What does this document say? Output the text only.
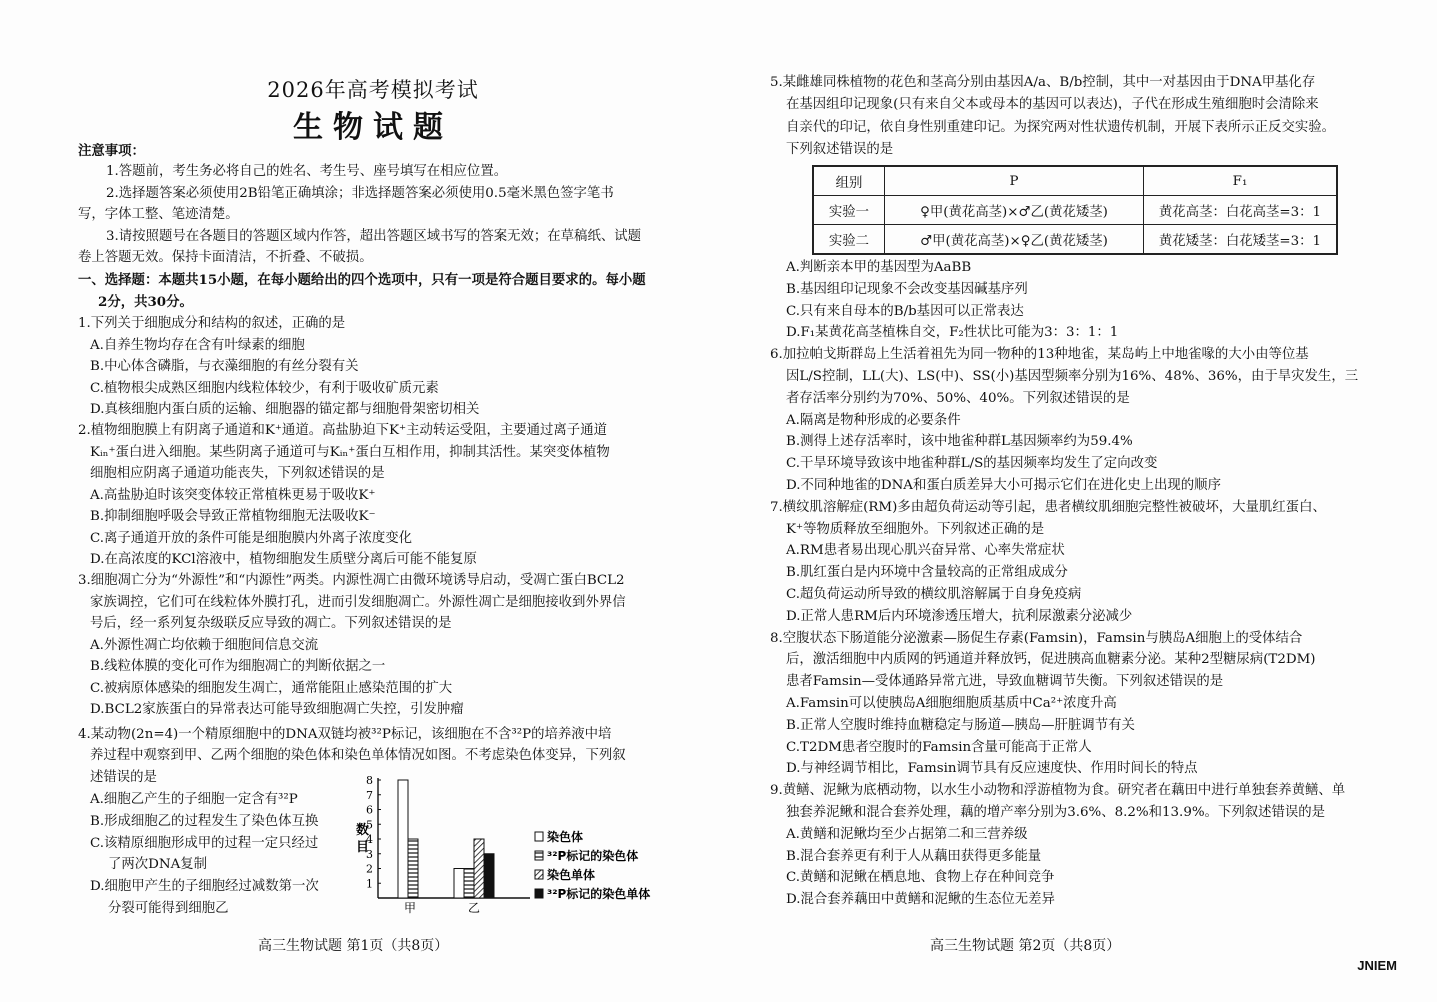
2026年高考模拟考试
生物试题
注意事项：
1.答题前，考生务必将自己的姓名、考生号、座号填写在相应位置。
2.选择题答案必须使用2B铅笔正确填涂；非选择题答案必须使用0.5毫米黑色签字笔书
写，字体工整、笔迹清楚。
3.请按照题号在各题目的答题区域内作答，超出答题区域书写的答案无效；在草稿纸、试题
卷上答题无效。保持卡面清洁，不折叠、不破损。
一、选择题：本题共15小题，在每小题给出的四个选项中，只有一项是符合题目要求的。每小题
2分，共30分。
1.下列关于细胞成分和结构的叙述，正确的是
A.自养生物均存在含有叶绿素的细胞
B.中心体含磷脂，与衣藻细胞的有丝分裂有关
C.植物根尖成熟区细胞内线粒体较少，有利于吸收矿质元素
D.真核细胞内蛋白质的运输、细胞器的锚定都与细胞骨架密切相关
2.植物细胞膜上有阴离子通道和K⁺通道。高盐胁迫下K⁺主动转运受阻，主要通过离子通道
Kᵢₙ⁺蛋白进入细胞。某些阴离子通道可与Kᵢₙ⁺蛋白互相作用，抑制其活性。某突变体植物
细胞相应阴离子通道功能丧失，下列叙述错误的是
A.高盐胁迫时该突变体较正常植株更易于吸收K⁺
B.抑制细胞呼吸会导致正常植物细胞无法吸收K⁻
C.离子通道开放的条件可能是细胞膜内外离子浓度变化
D.在高浓度的KCl溶液中，植物细胞发生质壁分离后可能不能复原
3.细胞凋亡分为“外源性”和“内源性”两类。内源性凋亡由微环境诱导启动，受凋亡蛋白BCL2
家族调控，它们可在线粒体外膜打孔，进而引发细胞凋亡。外源性凋亡是细胞接收到外界信
号后，经一系列复杂级联反应导致的凋亡。下列叙述错误的是
A.外源性凋亡均依赖于细胞间信息交流
B.线粒体膜的变化可作为细胞凋亡的判断依据之一
C.被病原体感染的细胞发生凋亡，通常能阻止感染范围的扩大
D.BCL2家族蛋白的异常表达可能导致细胞凋亡失控，引发肿瘤
4.某动物(2n=4)一个精原细胞中的DNA双链均被³²P标记，该细胞在不含³²P的培养液中培
养过程中观察到甲、乙两个细胞的染色体和染色单体情况如图。不考虑染色体变异，下列叙
述错误的是
A.细胞乙产生的子细胞一定含有³²P
B.形成细胞乙的过程发生了染色体互换
C.该精原细胞形成甲的过程一定只经过
了两次DNA复制
D.细胞甲产生的子细胞经过减数第一次
分裂可能得到细胞乙
5.某雌雄同株植物的花色和茎高分别由基因A/a、B/b控制，其中一对基因由于DNA甲基化存
在基因组印记现象(只有来自父本或母本的基因可以表达)，子代在形成生殖细胞时会清除来
自亲代的印记，依自身性别重建印记。为探究两对性状遗传机制，开展下表所示正反交实验。
下列叙述错误的是
组别	P	F₁
实验一	♀甲(黄花高茎)×♂乙(黄花矮茎)	黄花高茎：白花高茎=3：1
实验二	♂甲(黄花高茎)×♀乙(黄花矮茎)	黄花矮茎：白花矮茎=3：1
A.判断亲本甲的基因型为AaBB
B.基因组印记现象不会改变基因碱基序列
C.只有来自母本的B/b基因可以正常表达
D.F₁某黄花高茎植株自交，F₂性状比可能为3：3：1：1
6.加拉帕戈斯群岛上生活着祖先为同一物种的13种地雀，某岛屿上中地雀喙的大小由等位基
因L/S控制，LL(大)、LS(中)、SS(小)基因型频率分别为16%、48%、36%，由于旱灾发生，三
者存活率分别约为70%、50%、40%。下列叙述错误的是
A.隔离是物种形成的必要条件
B.测得上述存活率时，该中地雀种群L基因频率约为59.4%
C.干旱环境导致该中地雀种群L/S的基因频率均发生了定向改变
D.不同种地雀的DNA和蛋白质差异大小可揭示它们在进化史上出现的顺序
7.横纹肌溶解症(RM)多由超负荷运动等引起，患者横纹肌细胞完整性被破坏，大量肌红蛋白、
K⁺等物质释放至细胞外。下列叙述正确的是
A.RM患者易出现心肌兴奋异常、心率失常症状
B.肌红蛋白是内环境中含量较高的正常组成成分
C.超负荷运动所导致的横纹肌溶解属于自身免疫病
D.正常人患RM后内环境渗透压增大，抗利尿激素分泌减少
8.空腹状态下肠道能分泌激素—肠促生存素(Famsin)，Famsin与胰岛A细胞上的受体结合
后，激活细胞中内质网的钙通道并释放钙，促进胰高血糖素分泌。某种2型糖尿病(T2DM)
患者Famsin—受体通路异常亢进，导致血糖调节失衡。下列叙述错误的是
A.Famsin可以使胰岛A细胞细胞质基质中Ca²⁺浓度升高
B.正常人空腹时维持血糖稳定与肠道—胰岛—肝脏调节有关
C.T2DM患者空腹时的Famsin含量可能高于正常人
D.与神经调节相比，Famsin调节具有反应速度快、作用时间长的特点
9.黄鳝、泥鳅为底栖动物，以水生小动物和浮游植物为食。研究者在藕田中进行单独套养黄鳝、单
独套养泥鳅和混合套养处理，藕的增产率分别为3.6%、8.2%和13.9%。下列叙述错误的是
A.黄鳝和泥鳅均至少占据第二和三营养级
B.混合套养更有利于人从藕田获得更多能量
C.黄鳝和泥鳅在栖息地、食物上存在种间竞争
D.混合套养藕田中黄鳝和泥鳅的生态位无差异
1
2
3
4
5
6
7
8
数
目
甲	乙
染色体
³²P标记的染色体
染色单体
³²P标记的染色单体
高三生物试题 第1页（共8页）	高三生物试题 第2页（共8页）
JNIEM
